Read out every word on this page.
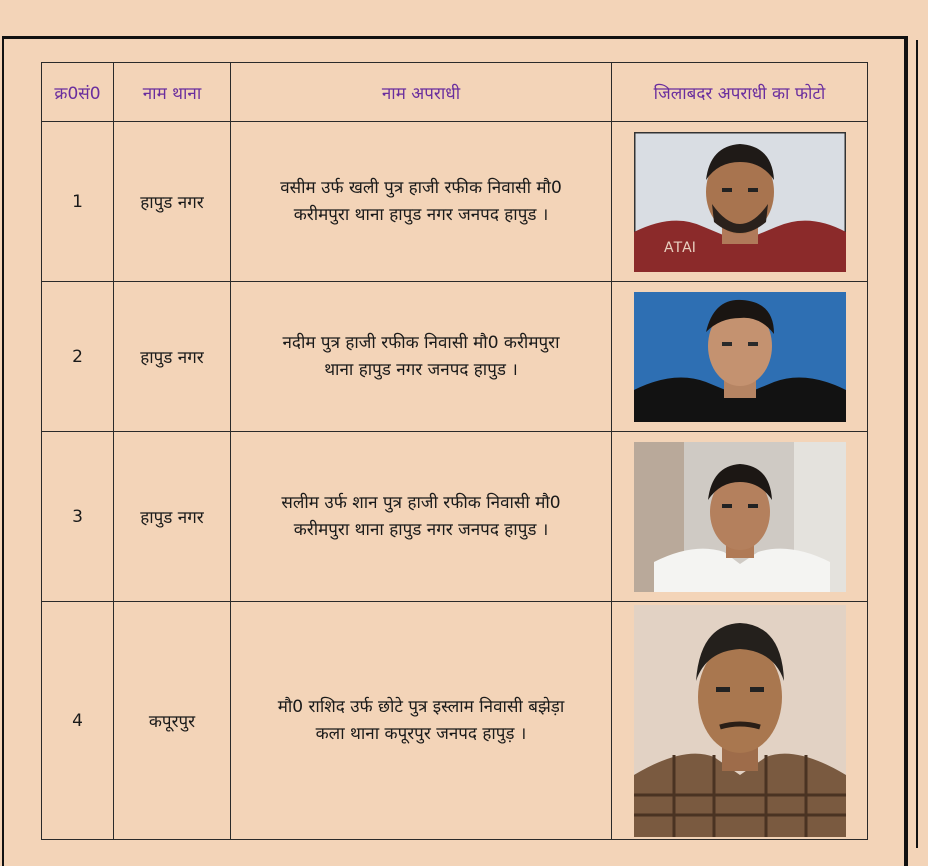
क्र0सं0	नाम थाना	नाम अपराधी	जिलाबदर अपराधी का फोटो
1	हापुड नगर	वसीम उर्फ खली पुत्र हाजी रफीक निवासी मौ0
करीमपुरा थाना हापुड नगर जनपद हापुड ।	ΑΤΑΙ

2	हापुड नगर	नदीम पुत्र हाजी रफीक निवासी मौ0 करीमपुरा
थाना हापुड नगर जनपद हापुड ।

3	हापुड नगर	सलीम उर्फ शान पुत्र हाजी रफीक निवासी मौ0
करीमपुरा थाना हापुड नगर जनपद हापुड ।

4	कपूरपुर	मौ0 राशिद उर्फ छोटे पुत्र इस्लाम निवासी बझेड़ा
कला थाना कपूरपुर जनपद हापुड़ ।
